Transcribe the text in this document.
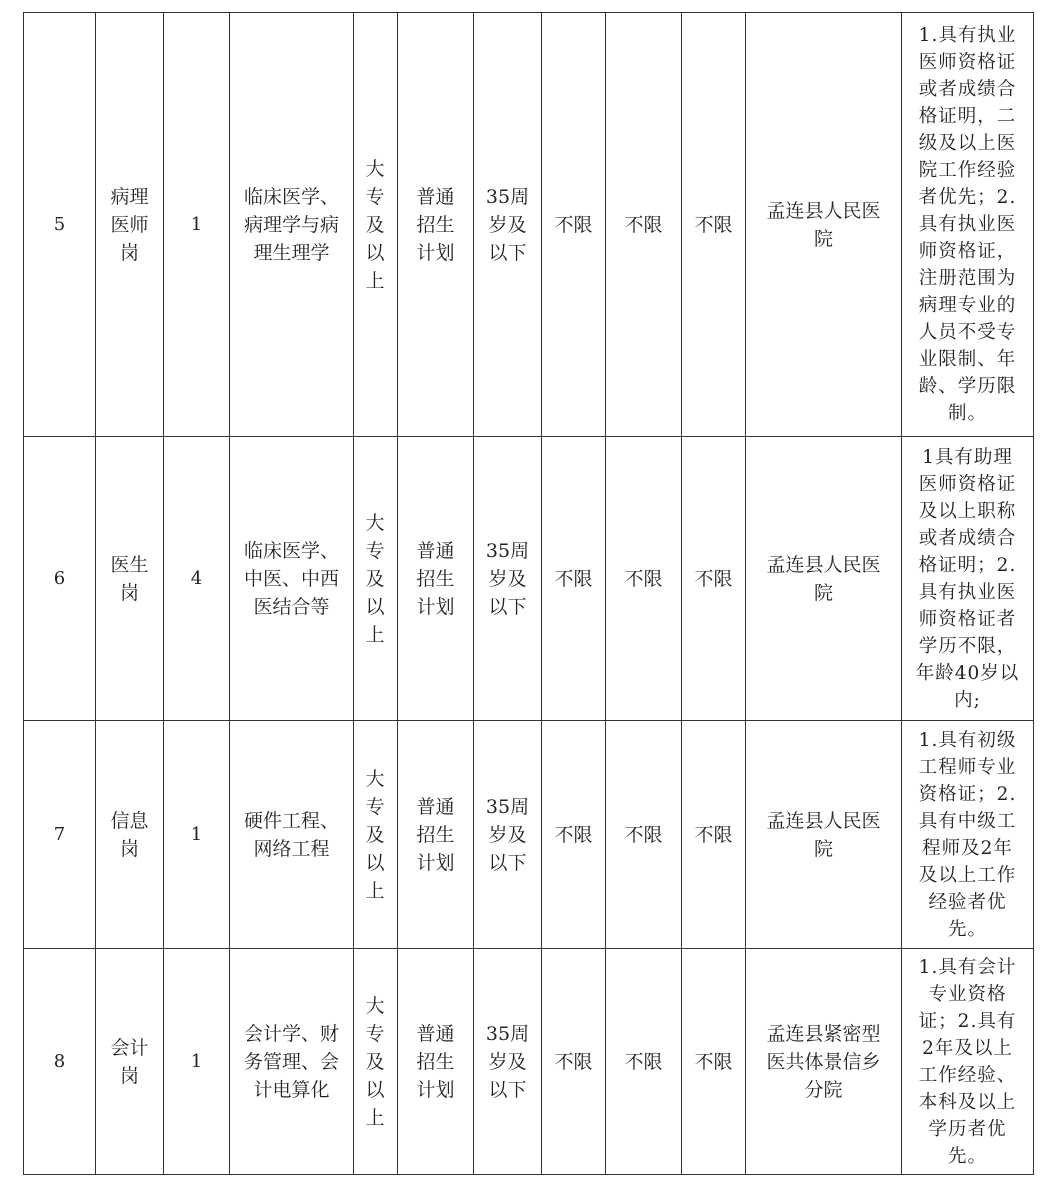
5	病理医师岗	1	临床医学、病理学与病理生理学	大专及以上	普通招生计划	35周岁及以下	不限	不限	不限	孟连县人民医院	1.具有执业医师资格证或者成绩合格证明，二级及以上医院工作经验者优先；2.具有执业医师资格证，注册范围为病理专业的人员不受专业限制、年龄、学历限制。

6	医生岗	4	临床医学、中医、中西医结合等	大专及以上	普通招生计划	35周岁及以下	不限	不限	不限	孟连县人民医院	1具有助理医师资格证及以上职称或者成绩合格证明；2.具有执业医师资格证者学历不限，年龄40岁以内;

7	信息岗	1	硬件工程、网络工程	大专及以上	普通招生计划	35周岁及以下	不限	不限	不限	孟连县人民医院	1.具有初级工程师专业资格证；2.具有中级工程师及2年及以上工作经验者优先。

8	会计岗	1	会计学、财务管理、会计电算化	大专及以上	普通招生计划	35周岁及以下	不限	不限	不限	孟连县紧密型医共体景信乡分院	1.具有会计专业资格证；2.具有2年及以上工作经验、本科及以上学历者优先。
